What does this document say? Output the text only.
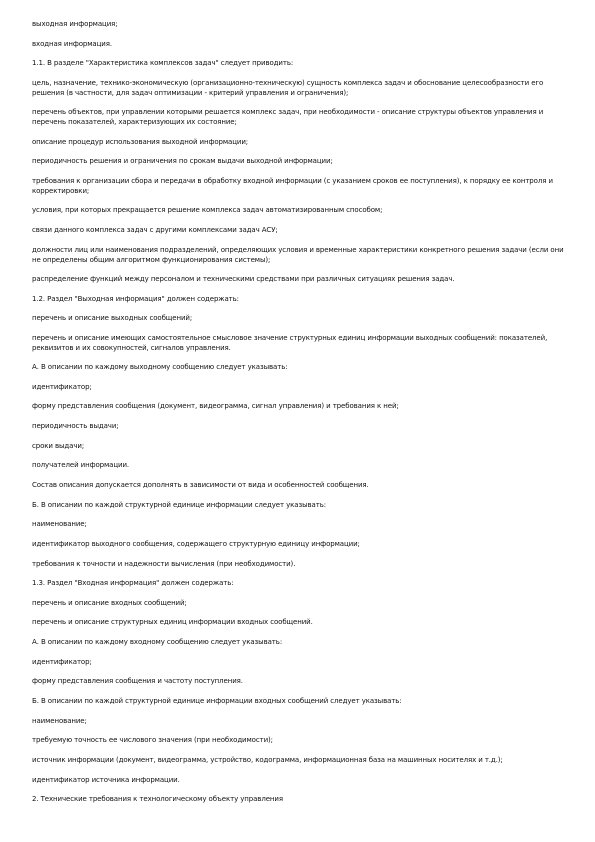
выходная информация;
входная информация.
1.1. В разделе "Характеристика комплексов задач" следует приводить:
цель, назначение, технико-экономическую (организационно-техническую) сущность комплекса задач и обоснование целесообразности его решения (в частности, для задач оптимизации - критерий управления и ограничения);
перечень объектов, при управлении которыми решается комплекс задач, при необходимости - описание структуры объектов управления и перечень показателей, характеризующих их состояние;
описание процедур использования выходной информации;
периодичность решения и ограничения по срокам выдачи выходной информации;
требования к организации сбора и передачи в обработку входной информации (с указанием сроков ее поступления), к порядку ее контроля и корректировки;
условия, при которых прекращается решение комплекса задач автоматизированным способом;
связи данного комплекса задач с другими комплексами задач АСУ;
должности лиц или наименования подразделений, определяющих условия и временные характеристики конкретного решения задачи (если они не определены общим алгоритмом функционирования системы);
распределение функций между персоналом и техническими средствами при различных ситуациях решения задач.
1.2. Раздел "Выходная информация" должен содержать:
перечень и описание выходных сообщений;
перечень и описание имеющих самостоятельное смысловое значение структурных единиц информации выходных сообщений: показателей, реквизитов и их совокупностей, сигналов управления.
А. В описании по каждому выходному сообщению следует указывать:
идентификатор;
форму представления сообщения (документ, видеограмма, сигнал управления) и требования к ней;
периодичность выдачи;
сроки выдачи;
получателей информации.
Состав описания допускается дополнять в зависимости от вида и особенностей сообщения.
Б. В описании по каждой структурной единице информации следует указывать:
наименование;
идентификатор выходного сообщения, содержащего структурную единицу информации;
требования к точности и надежности вычисления (при необходимости).
1.3. Раздел "Входная информация" должен содержать:
перечень и описание входных сообщений;
перечень и описание структурных единиц информации входных сообщений.
А. В описании по каждому входному сообщению следует указывать:
идентификатор;
форму представления сообщения и частоту поступления.
Б. В описании по каждой структурной единице информации входных сообщений следует указывать:
наименование;
требуемую точность ее числового значения (при необходимости);
источник информации (документ, видеограмма, устройство, кодограмма, информационная база на машинных носителях и т.д.);
идентификатор источника информации.
2. Технические требования к технологическому объекту управления
